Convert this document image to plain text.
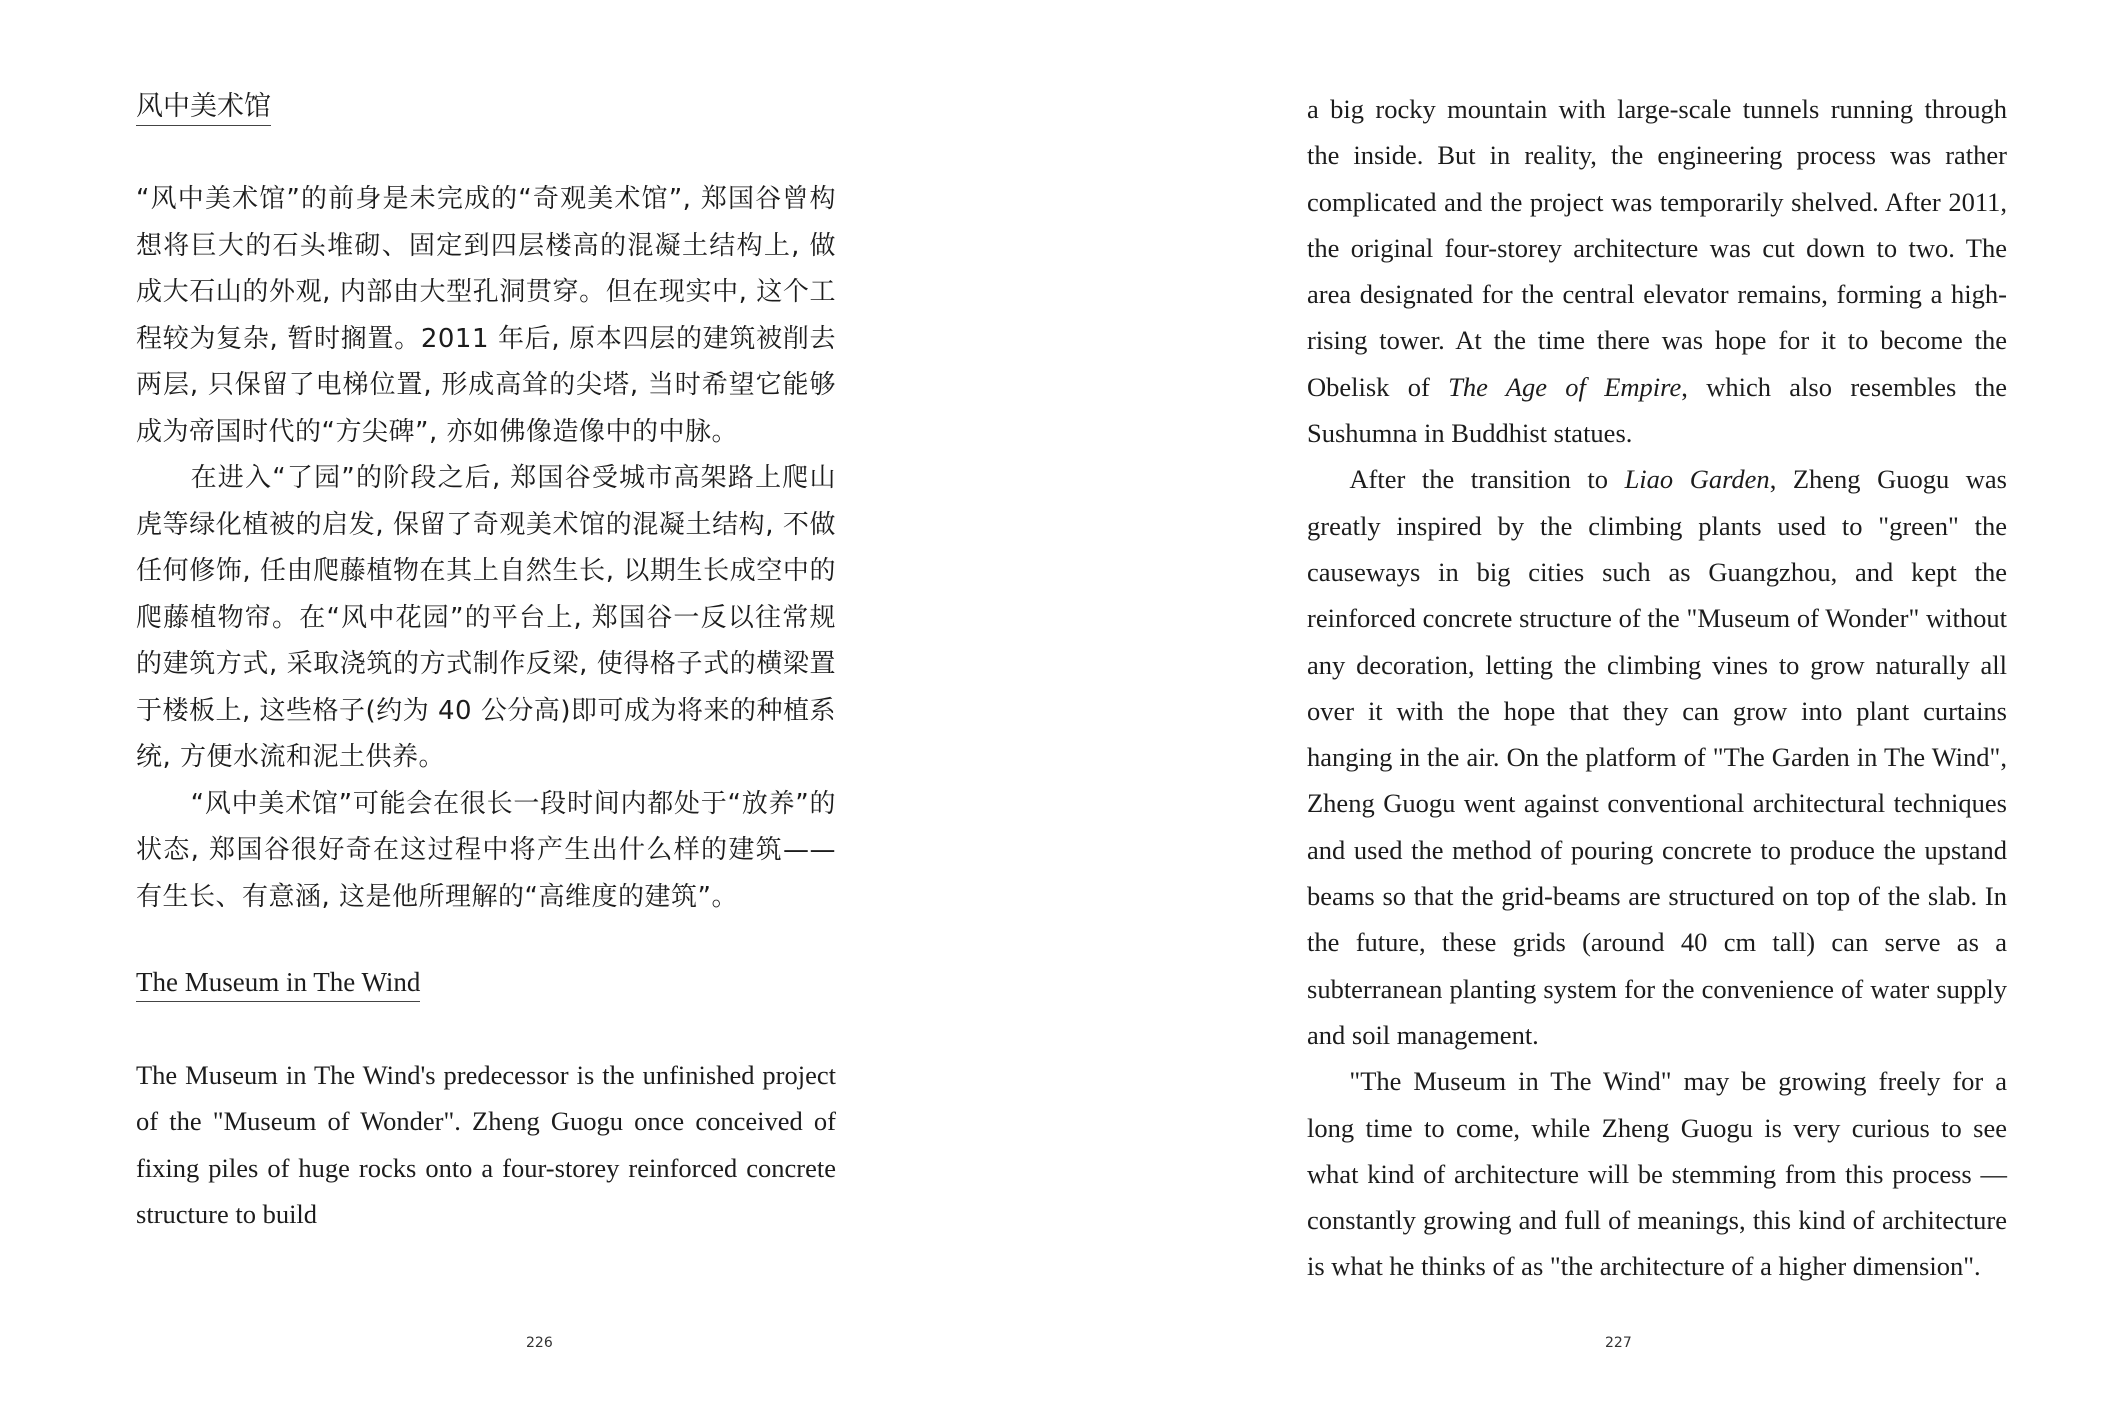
风中美术馆

“风中美术馆”的前身是未完成的“奇观美术馆”, 郑国谷曾构想将巨大的石头堆砌、固定到四层楼高的混凝土结构上, 做成大石山的外观, 内部由大型孔洞贯穿。但在现实中, 这个工程较为复杂, 暂时搁置。2011 年后, 原本四层的建筑被削去两层, 只保留了电梯位置, 形成高耸的尖塔, 当时希望它能够成为帝国时代的“方尖碑”, 亦如佛像造像中的中脉。

在进入“了园”的阶段之后, 郑国谷受城市高架路上爬山虎等绿化植被的启发, 保留了奇观美术馆的混凝土结构, 不做任何修饰, 任由爬藤植物在其上自然生长, 以期生长成空中的爬藤植物帘。在“风中花园”的平台上, 郑国谷一反以往常规的建筑方式, 采取浇筑的方式制作反梁, 使得格子式的横梁置于楼板上, 这些格子(约为 40 公分高)即可成为将来的种植系统, 方便水流和泥土供养。

“风中美术馆”可能会在很长一段时间内都处于“放养”的状态, 郑国谷很好奇在这过程中将产生出什么样的建筑——有生长、有意涵, 这是他所理解的“高维度的建筑”。

The Museum in The Wind

The Museum in The Wind's predecessor is the unfinished project of the "Museum of Wonder". Zheng Guogu once conceived of fixing piles of huge rocks onto a four-storey reinforced concrete structure to build

226

a big rocky mountain with large-scale tunnels running through the inside. But in reality, the engineering process was rather complicated and the project was temporarily shelved. After 2011, the original four-storey architecture was cut down to two. The area designated for the central elevator remains, forming a high-rising tower. At the time there was hope for it to become the Obelisk of The Age of Empire, which also resembles the Sushumna in Buddhist statues.

After the transition to Liao Garden, Zheng Guogu was greatly inspired by the climbing plants used to "green" the causeways in big cities such as Guangzhou, and kept the reinforced concrete structure of the "Museum of Wonder" without any decoration, letting the climbing vines to grow naturally all over it with the hope that they can grow into plant curtains hanging in the air. On the platform of "The Garden in The Wind", Zheng Guogu went against conventional architectural techniques and used the method of pouring concrete to produce the upstand beams so that the grid-beams are structured on top of the slab. In the future, these grids (around 40 cm tall) can serve as a subterranean planting system for the convenience of water supply and soil management.

"The Museum in The Wind" may be growing freely for a long time to come, while Zheng Guogu is very curious to see what kind of architecture will be stemming from this process —constantly growing and full of meanings, this kind of architecture is what he thinks of as "the architecture of a higher dimension".

227
